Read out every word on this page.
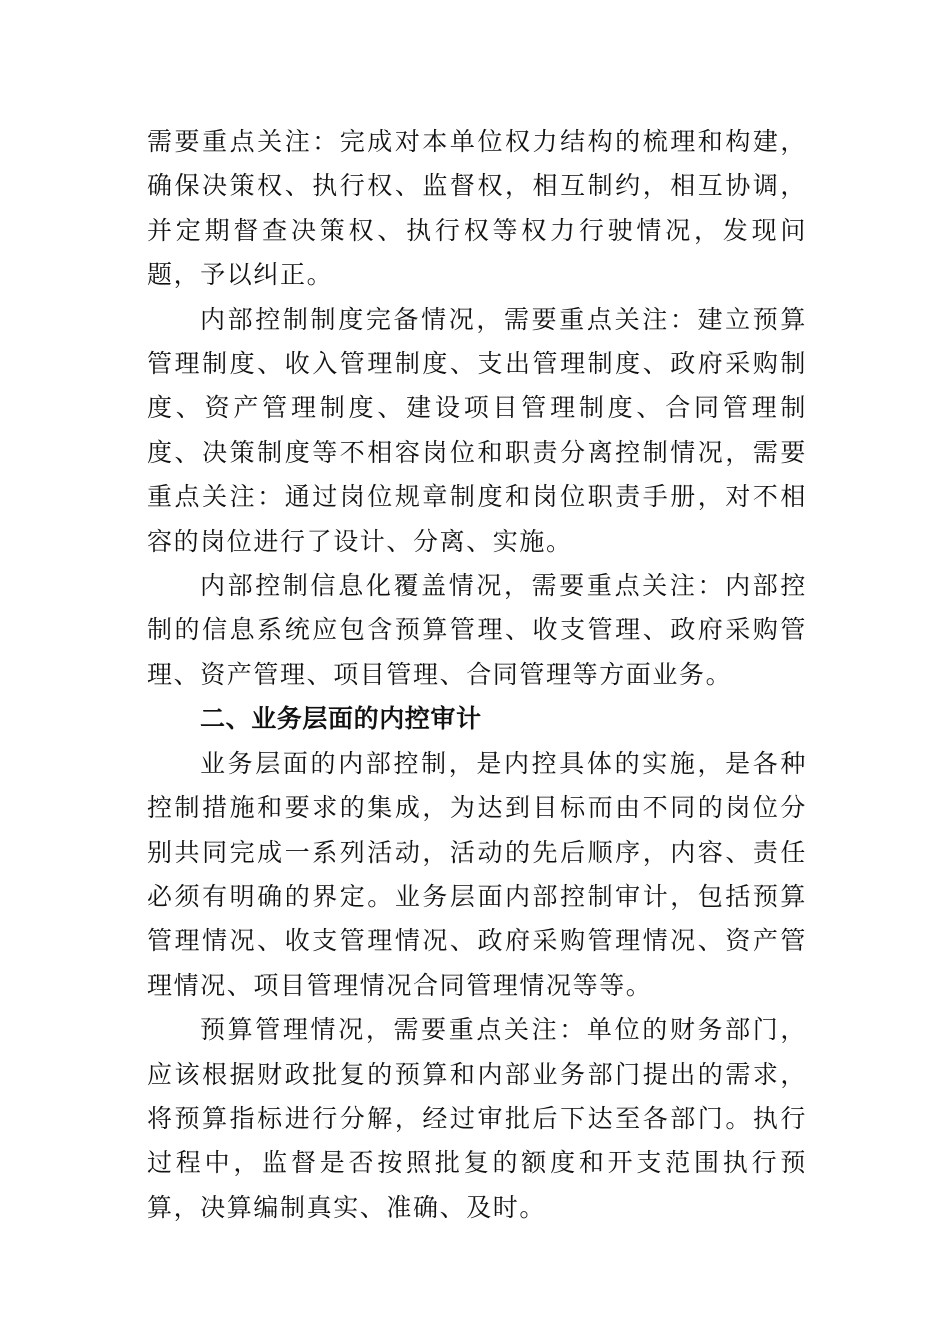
需要重点关注：完成对本单位权力结构的梳理和构建，确保决策权、执行权、监督权，相互制约，相互协调，并定期督查决策权、执行权等权力行驶情况，发现问题，予以纠正。

内部控制制度完备情况，需要重点关注：建立预算管理制度、收入管理制度、支出管理制度、政府采购制度、资产管理制度、建设项目管理制度、合同管理制度、决策制度等不相容岗位和职责分离控制情况，需要重点关注：通过岗位规章制度和岗位职责手册，对不相容的岗位进行了设计、分离、实施。

内部控制信息化覆盖情况，需要重点关注：内部控制的信息系统应包含预算管理、收支管理、政府采购管理、资产管理、项目管理、合同管理等方面业务。

二、业务层面的内控审计

业务层面的内部控制，是内控具体的实施，是各种控制措施和要求的集成，为达到目标而由不同的岗位分别共同完成一系列活动，活动的先后顺序，内容、责任必须有明确的界定。业务层面内部控制审计，包括预算管理情况、收支管理情况、政府采购管理情况、资产管理情况、项目管理情况合同管理情况等等。

预算管理情况，需要重点关注：单位的财务部门，应该根据财政批复的预算和内部业务部门提出的需求，将预算指标进行分解，经过审批后下达至各部门。执行过程中，监督是否按照批复的额度和开支范围执行预算，决算编制真实、准确、及时。
